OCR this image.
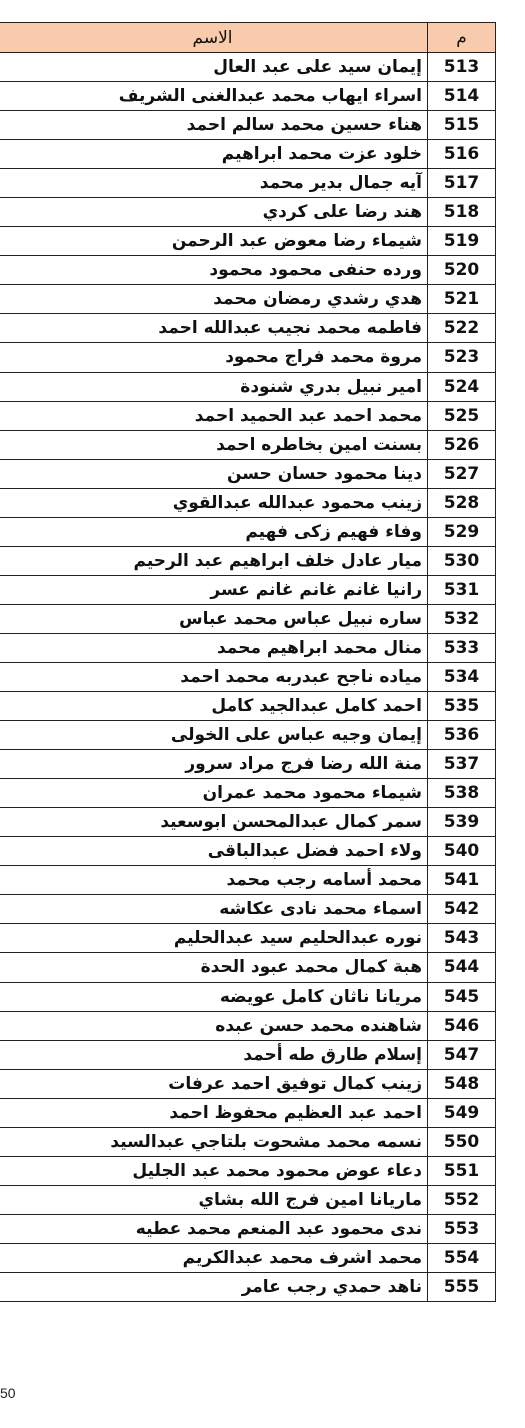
م
الاسم
513
إيمان سيد على عبد العال
514
اسراء ايهاب محمد عبدالغنى الشريف
515
هناء حسين محمد سالم احمد
516
خلود عزت محمد ابراهيم
517
آيه جمال بدير محمد
518
هند رضا على كردي
519
شيماء رضا معوض عبد الرحمن
520
ورده حنفى محمود محمود
521
هدي رشدي رمضان محمد
522
فاطمه محمد نجيب عبدالله احمد
523
مروة محمد فراج محمود
524
امير نبيل بدري شنودة
525
محمد احمد عبد الحميد احمد
526
بسنت امين بخاطره احمد
527
دينا محمود حسان حسن
528
زينب محمود عبدالله عبدالقوي
529
وفاء فهيم زكى فهيم
530
ميار عادل خلف ابراهيم عبد الرحيم
531
رانيا غانم غانم غانم عسر
532
ساره نبيل عباس محمد عباس
533
منال محمد ابراهيم محمد
534
مياده ناجح عبدربه محمد احمد
535
احمد كامل عبدالجيد كامل
536
إيمان وجيه عباس على الخولى
537
منة الله رضا فرج مراد سرور
538
شيماء محمود محمد عمران
539
سمر كمال عبدالمحسن ابوسعيد
540
ولاء احمد فضل عبدالباقى
541
محمد أسامه رجب محمد
542
اسماء محمد نادى عكاشه
543
نوره عبدالحليم سيد عبدالحليم
544
هبة كمال محمد عبود الحدة
545
مريانا ناثان كامل عويضه
546
شاهنده محمد حسن عبده
547
إسلام طارق طه أحمد
548
زينب كمال توفيق احمد عرفات
549
احمد عبد العظيم محفوظ احمد
550
نسمه محمد مشحوت بلتاجي عبدالسيد
551
دعاء عوض محمود محمد عبد الجليل
552
ماريانا امين فرج الله بشاي
553
ندى محمود عبد المنعم محمد عطيه
554
محمد اشرف محمد عبدالكريم
555
ناهد حمدي رجب عامر
50
